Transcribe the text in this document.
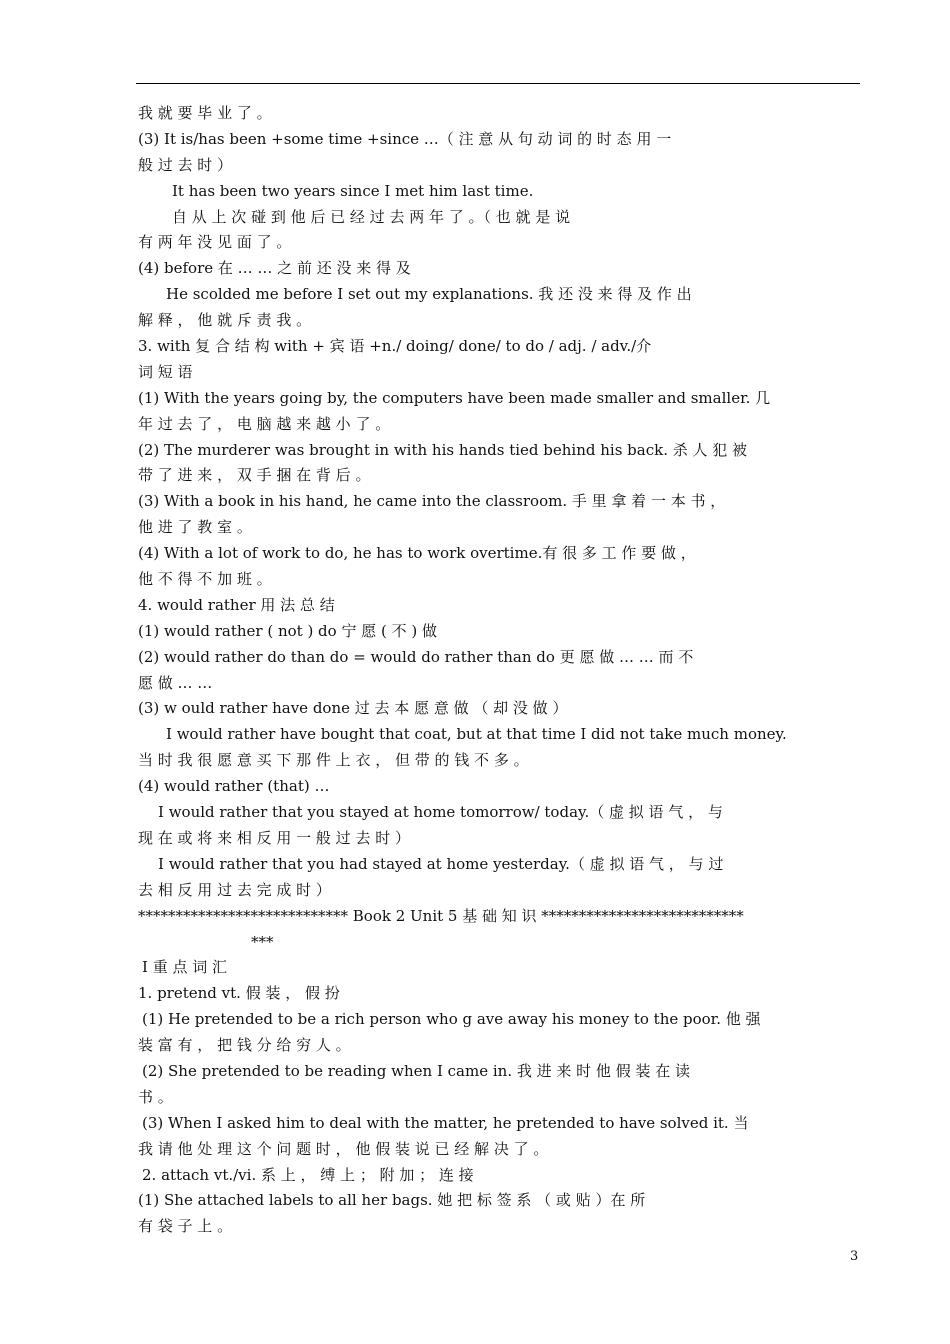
我 就 要 毕 业 了 。
(3) It is/has been +some time +since …（ 注 意 从 句 动 词 的 时 态 用 一
般 过 去 时 ）
It has been two years since I met him last time.
自 从 上 次 碰 到 他 后 已 经 过 去 两 年 了 。（ 也 就 是 说
有 两 年 没 见 面 了 。
(4) before 在 … … 之 前 还 没 来 得 及
He scolded me before I set out my explanations. 我 还 没 来 得 及 作 出
解 释 ， 他 就 斥 责 我 。
3. with 复 合 结 构 with + 宾 语 +n./ doing/ done/ to do / adj. / adv./介
词 短 语
(1) With the years going by, the computers have been made smaller and smaller. 几
年 过 去 了 ， 电 脑 越 来 越 小 了 。
(2) The murderer was brought in with his hands tied behind his back. 杀 人 犯 被
带 了 进 来 ， 双 手 捆 在 背 后 。
(3) With a book in his hand, he came into the classroom. 手 里 拿 着 一 本 书 ，
他 进 了 教 室 。
(4) With a lot of work to do, he has to work overtime.有 很 多 工 作 要 做 ，
他 不 得 不 加 班 。
4. would rather 用 法 总 结
(1) would rather ( not ) do 宁 愿 ( 不 ) 做
(2) would rather do than do = would do rather than do 更 愿 做 … … 而 不
愿 做 … …
(3) w ould rather have done 过 去 本 愿 意 做 （ 却 没 做 ）
I would rather have bought that coat, but at that time I did not take much money.
当 时 我 很 愿 意 买 下 那 件 上 衣 ， 但 带 的 钱 不 多 。
(4) would rather (that) …
I would rather that you stayed at home tomorrow/ today.（ 虚 拟 语 气 ， 与
现 在 或 将 来 相 反 用 一 般 过 去 时 ）
I would rather that you had stayed at home yesterday.（ 虚 拟 语 气 ， 与 过
去 相 反 用 过 去 完 成 时 ）
**************************** Book 2 Unit 5 基 础 知 识 ***************************
***
I 重 点 词 汇
1. pretend vt. 假 装 ， 假 扮
(1) He pretended to be a rich person who g ave away his money to the poor. 他 强
装 富 有 ， 把 钱 分 给 穷 人 。
(2) She pretended to be reading when I came in. 我 进 来 时 他 假 装 在 读
书 。
(3) When I asked him to deal with the matter, he pretended to have solved it. 当
我 请 他 处 理 这 个 问 题 时 ， 他 假 装 说 已 经 解 决 了 。
2. attach vt./vi. 系 上 ， 缚 上 ； 附 加 ； 连 接
(1) She attached labels to all her bags. 她 把 标 签 系 （ 或 贴 ）在 所
有 袋 子 上 。
3
